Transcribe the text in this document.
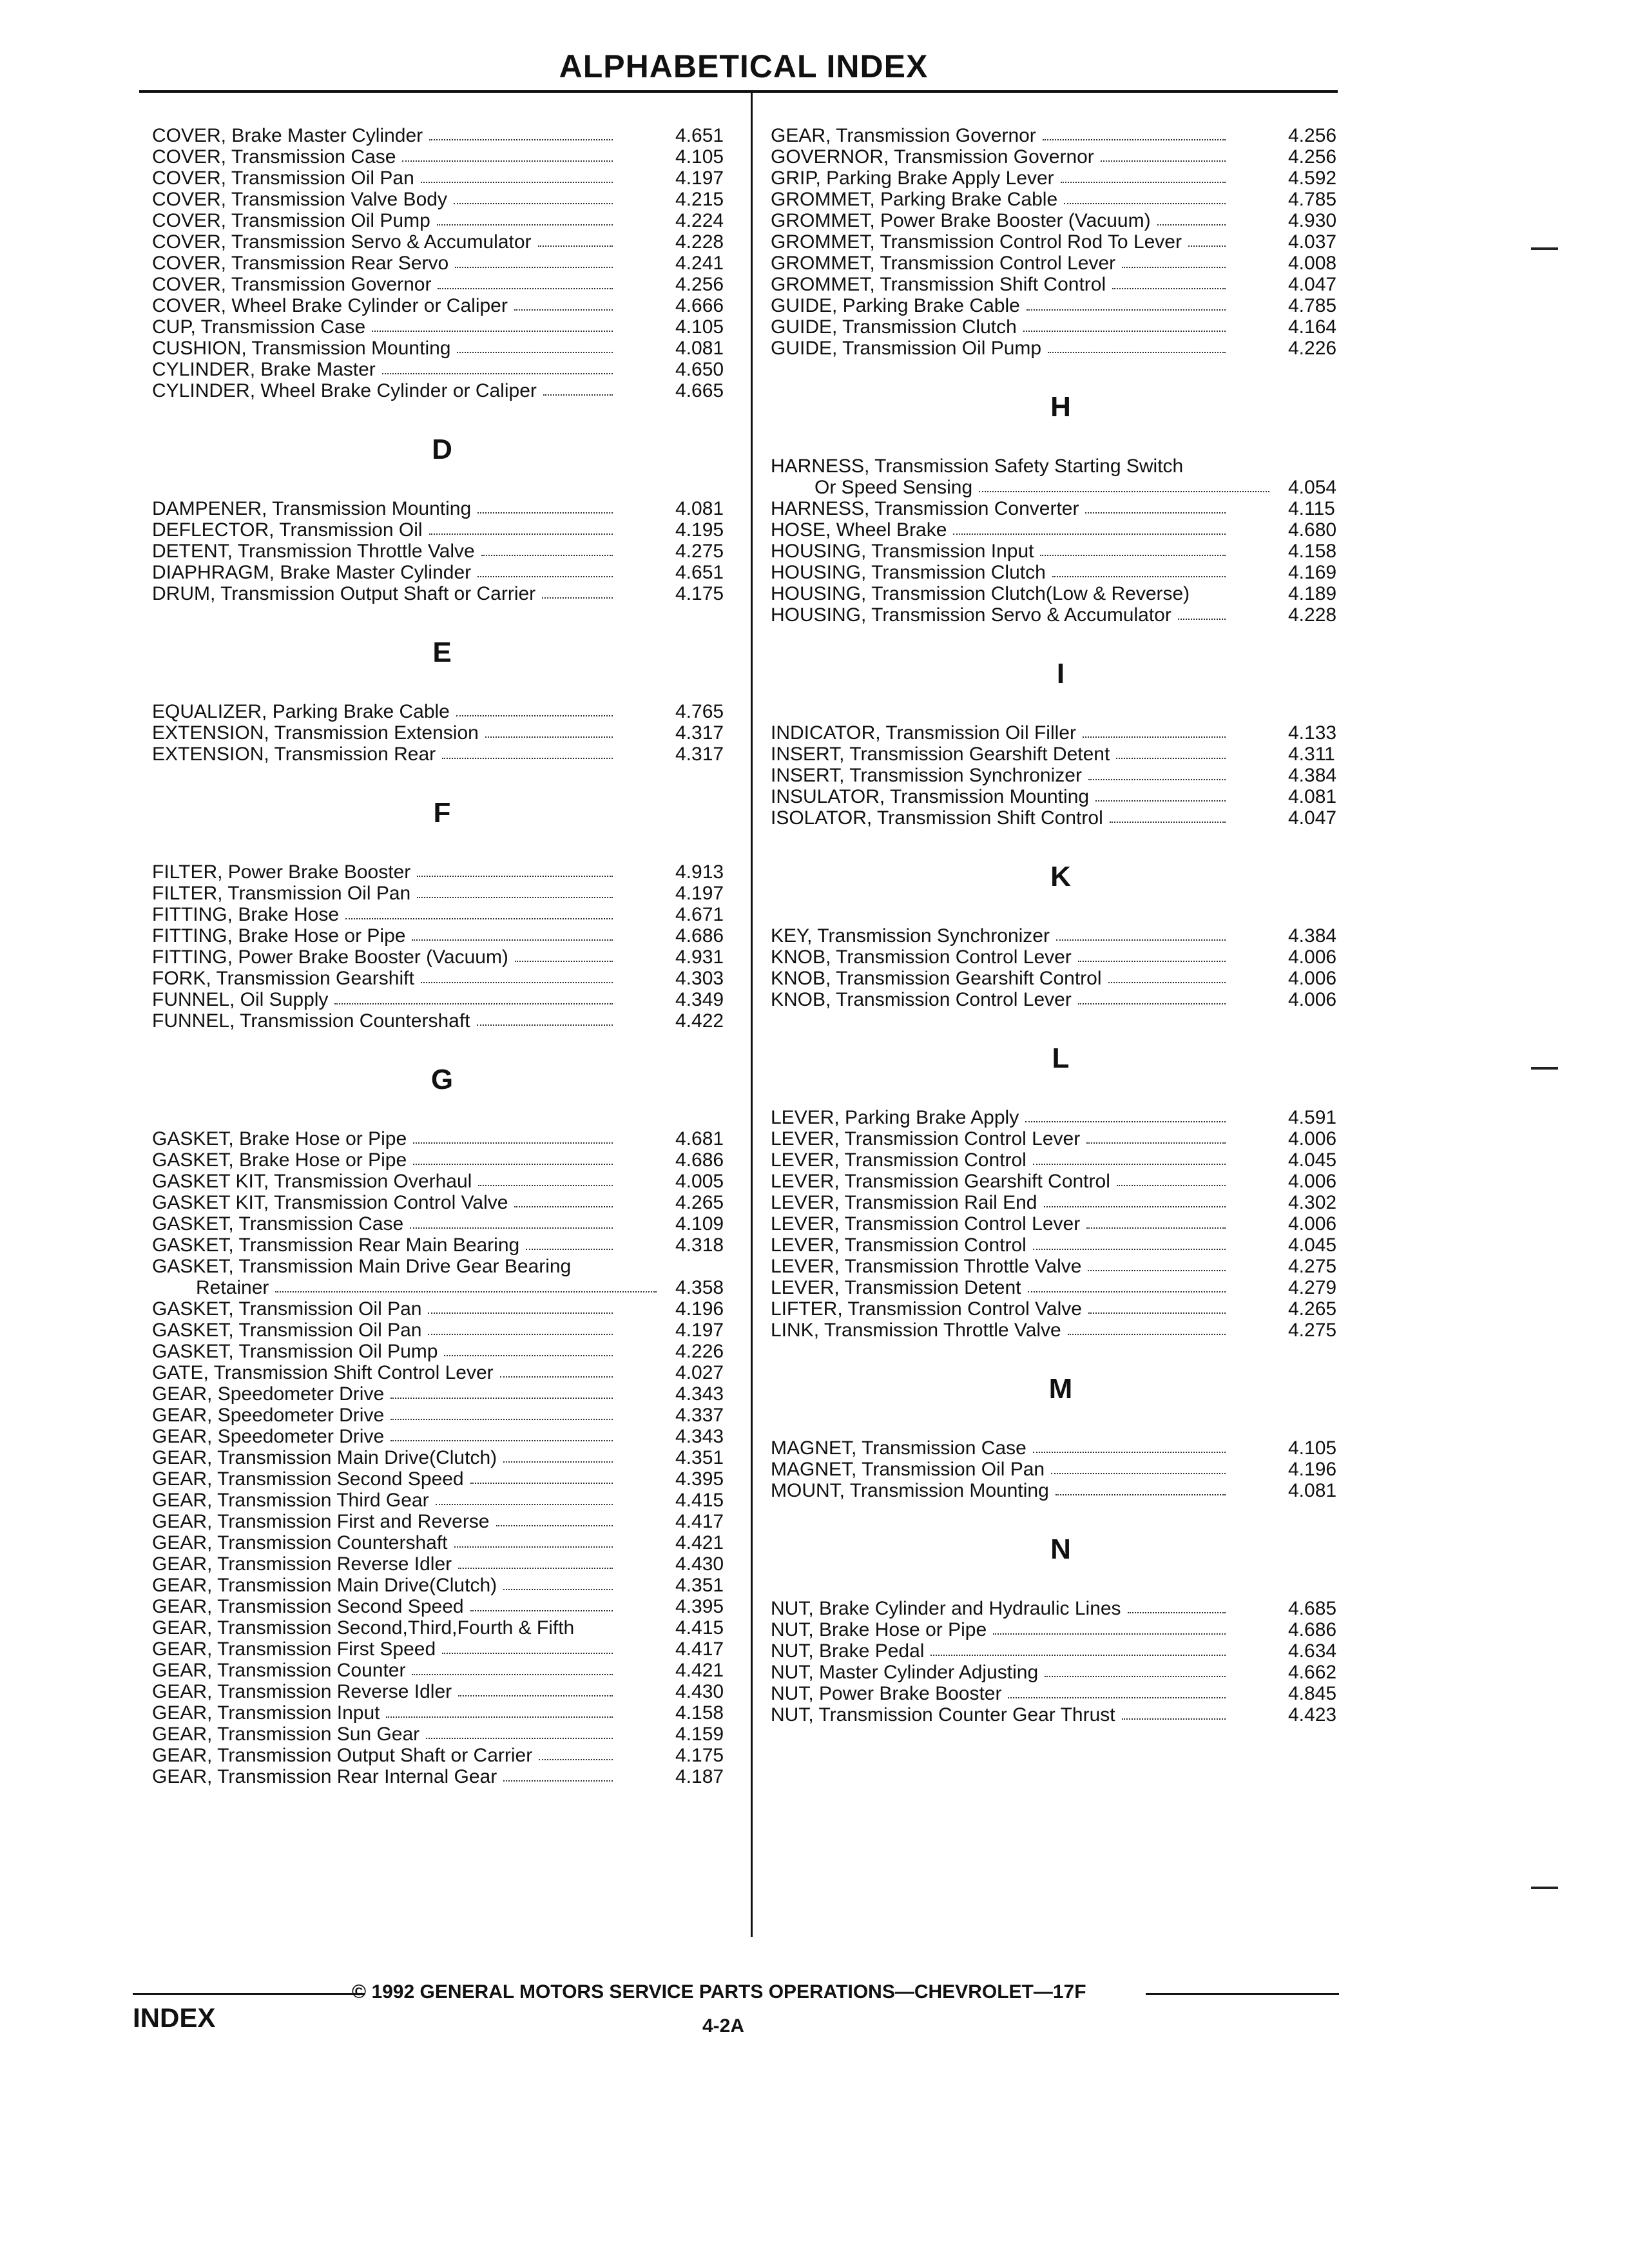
ALPHABETICAL INDEX
COVER, Brake Master Cylinder	4.651
COVER, Transmission Case	4.105
COVER, Transmission Oil Pan	4.197
COVER, Transmission Valve Body	4.215
COVER, Transmission Oil Pump	4.224
COVER, Transmission Servo & Accumulator	4.228
COVER, Transmission Rear Servo	4.241
COVER, Transmission Governor	4.256
COVER, Wheel Brake Cylinder or Caliper	4.666
CUP, Transmission Case	4.105
CUSHION, Transmission Mounting	4.081
CYLINDER, Brake Master	4.650
CYLINDER, Wheel Brake Cylinder or Caliper	4.665
D
DAMPENER, Transmission Mounting	4.081
DEFLECTOR, Transmission Oil	4.195
DETENT, Transmission Throttle Valve	4.275
DIAPHRAGM, Brake Master Cylinder	4.651
DRUM, Transmission Output Shaft or Carrier	4.175
E
EQUALIZER, Parking Brake Cable	4.765
EXTENSION, Transmission Extension	4.317
EXTENSION, Transmission Rear	4.317
F
FILTER, Power Brake Booster	4.913
FILTER, Transmission Oil Pan	4.197
FITTING, Brake Hose	4.671
FITTING, Brake Hose or Pipe	4.686
FITTING, Power Brake Booster (Vacuum)	4.931
FORK, Transmission Gearshift	4.303
FUNNEL, Oil Supply	4.349
FUNNEL, Transmission Countershaft	4.422
G
GASKET, Brake Hose or Pipe	4.681
GASKET, Brake Hose or Pipe	4.686
GASKET KIT, Transmission Overhaul	4.005
GASKET KIT, Transmission Control Valve	4.265
GASKET, Transmission Case	4.109
GASKET, Transmission Rear Main Bearing	4.318
GASKET, Transmission Main Drive Gear Bearing
Retainer	4.358
GASKET, Transmission Oil Pan	4.196
GASKET, Transmission Oil Pan	4.197
GASKET, Transmission Oil Pump	4.226
GATE, Transmission Shift Control Lever	4.027
GEAR, Speedometer Drive	4.343
GEAR, Speedometer Drive	4.337
GEAR, Speedometer Drive	4.343
GEAR, Transmission Main Drive(Clutch)	4.351
GEAR, Transmission Second Speed	4.395
GEAR, Transmission Third Gear	4.415
GEAR, Transmission First and Reverse	4.417
GEAR, Transmission Countershaft	4.421
GEAR, Transmission Reverse Idler	4.430
GEAR, Transmission Main Drive(Clutch)	4.351
GEAR, Transmission Second Speed	4.395
GEAR, Transmission Second,Third,Fourth & Fifth	4.415
GEAR, Transmission First Speed	4.417
GEAR, Transmission Counter	4.421
GEAR, Transmission Reverse Idler	4.430
GEAR, Transmission Input	4.158
GEAR, Transmission Sun Gear	4.159
GEAR, Transmission Output Shaft or Carrier	4.175
GEAR, Transmission Rear Internal Gear	4.187
GEAR, Transmission Governor	4.256
GOVERNOR, Transmission Governor	4.256
GRIP, Parking Brake Apply Lever	4.592
GROMMET, Parking Brake Cable	4.785
GROMMET, Power Brake Booster (Vacuum)	4.930
GROMMET, Transmission Control Rod To Lever	4.037
GROMMET, Transmission Control Lever	4.008
GROMMET, Transmission Shift Control	4.047
GUIDE, Parking Brake Cable	4.785
GUIDE, Transmission Clutch	4.164
GUIDE, Transmission Oil Pump	4.226
H
HARNESS, Transmission Safety Starting Switch
Or Speed Sensing	4.054
HARNESS, Transmission Converter	4.115
HOSE, Wheel Brake	4.680
HOUSING, Transmission Input	4.158
HOUSING, Transmission Clutch	4.169
HOUSING, Transmission Clutch(Low & Reverse)	4.189
HOUSING, Transmission Servo & Accumulator	4.228
I
INDICATOR, Transmission Oil Filler	4.133
INSERT, Transmission Gearshift Detent	4.311
INSERT, Transmission Synchronizer	4.384
INSULATOR, Transmission Mounting	4.081
ISOLATOR, Transmission Shift Control	4.047
K
KEY, Transmission Synchronizer	4.384
KNOB, Transmission Control Lever	4.006
KNOB, Transmission Gearshift Control	4.006
KNOB, Transmission Control Lever	4.006
L
LEVER, Parking Brake Apply	4.591
LEVER, Transmission Control Lever	4.006
LEVER, Transmission Control	4.045
LEVER, Transmission Gearshift Control	4.006
LEVER, Transmission Rail End	4.302
LEVER, Transmission Control Lever	4.006
LEVER, Transmission Control	4.045
LEVER, Transmission Throttle Valve	4.275
LEVER, Transmission Detent	4.279
LIFTER, Transmission Control Valve	4.265
LINK, Transmission Throttle Valve	4.275
M
MAGNET, Transmission Case	4.105
MAGNET, Transmission Oil Pan	4.196
MOUNT, Transmission Mounting	4.081
N
NUT, Brake Cylinder and Hydraulic Lines	4.685
NUT, Brake Hose or Pipe	4.686
NUT, Brake Pedal	4.634
NUT, Master Cylinder Adjusting	4.662
NUT, Power Brake Booster	4.845
NUT, Transmission Counter Gear Thrust	4.423
© 1992 GENERAL MOTORS SERVICE PARTS OPERATIONS—CHEVROLET—17F
INDEX	4-2A
